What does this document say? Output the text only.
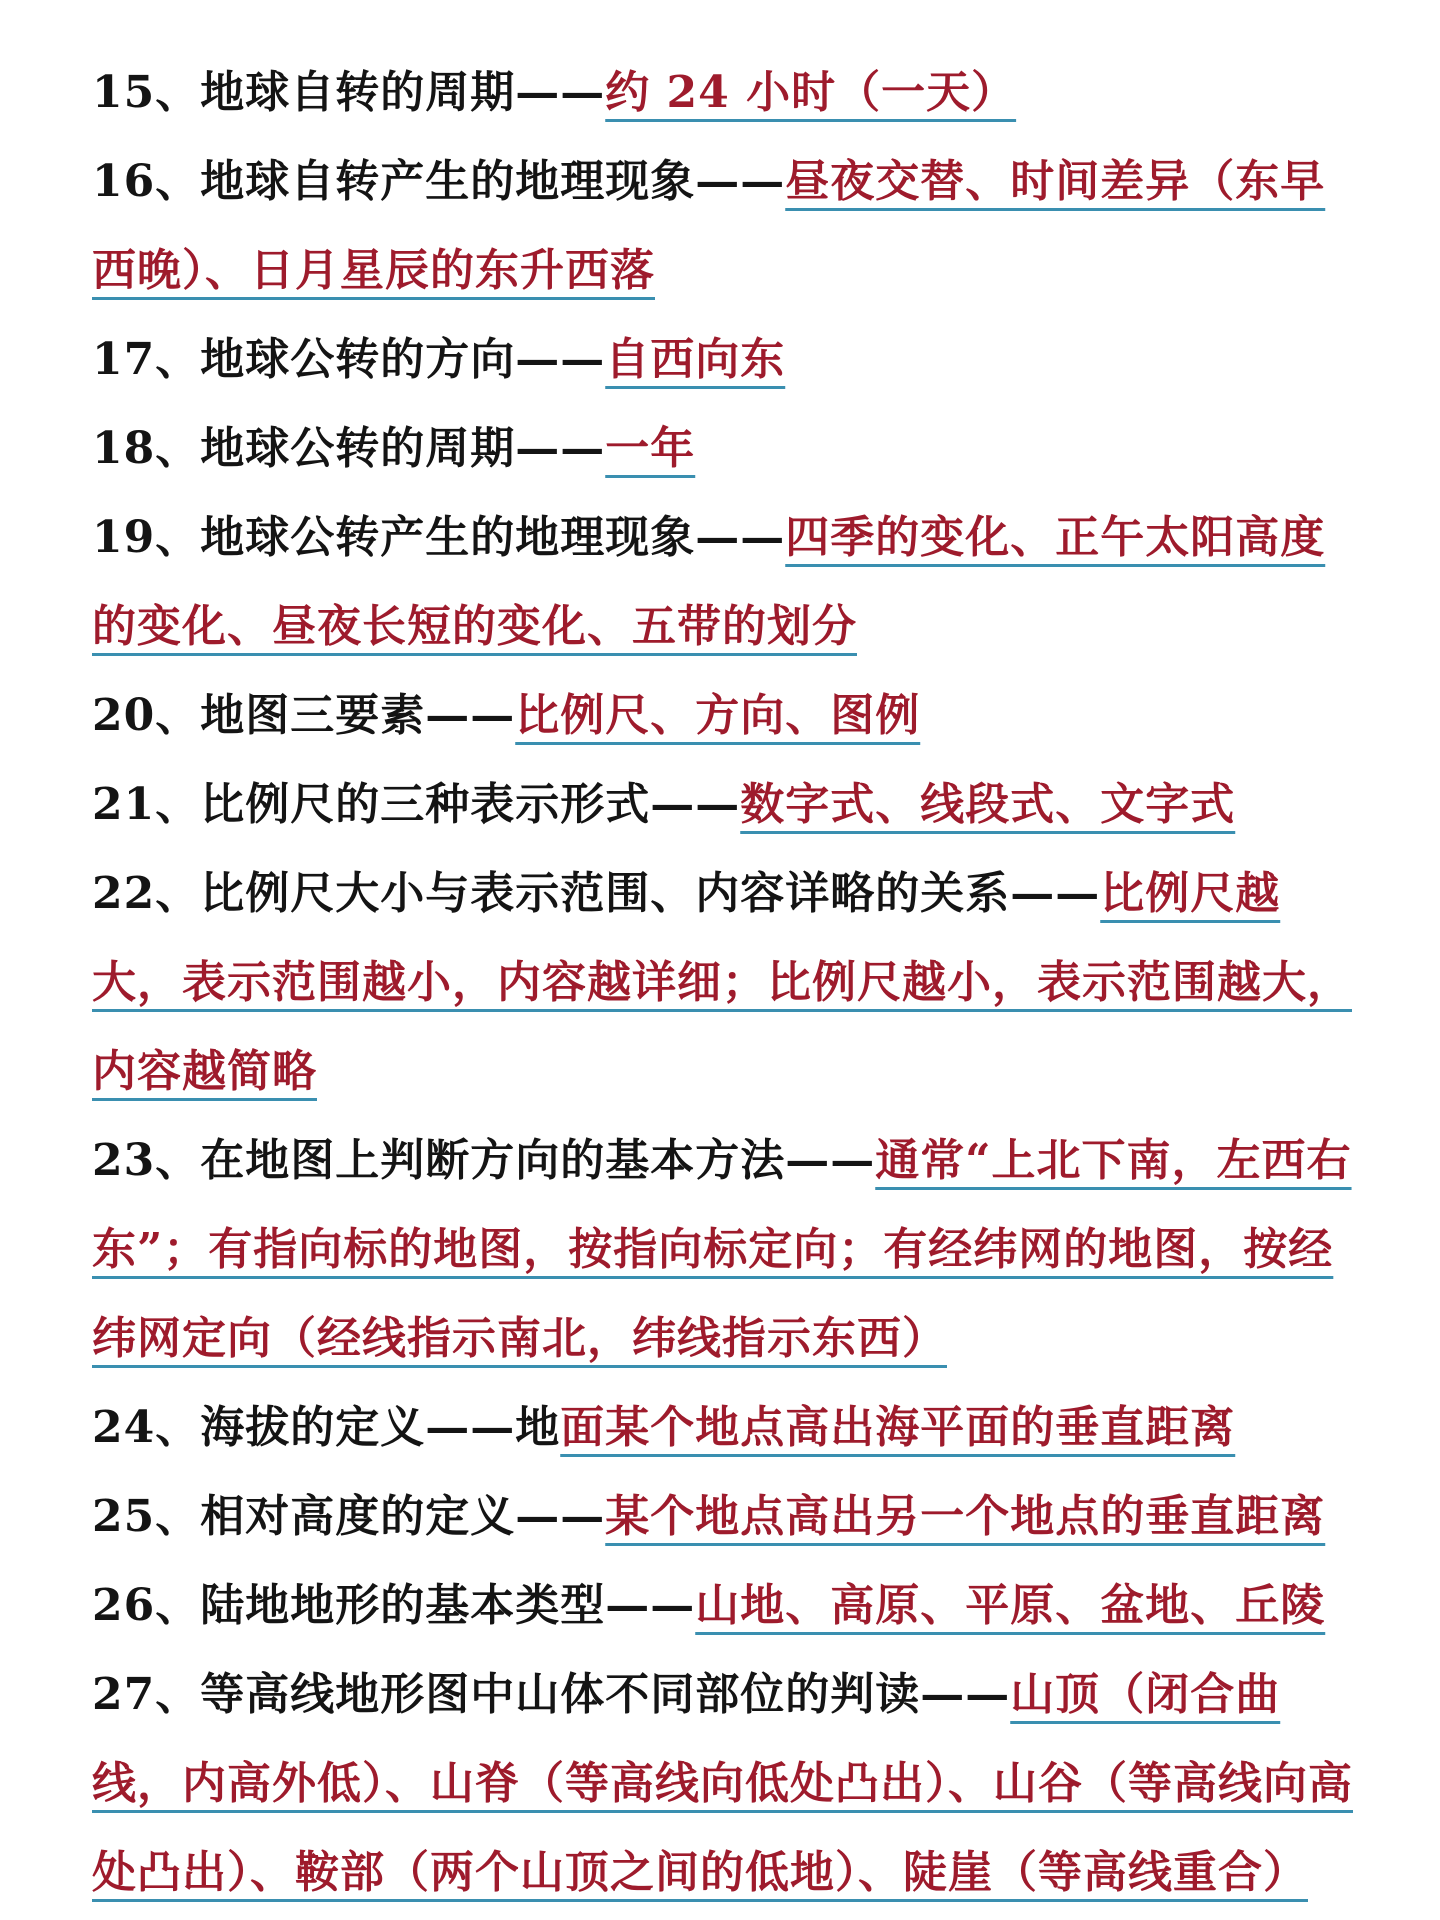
15、地球自转的周期——约 24 小时（一天）

16、地球自转产生的地理现象——昼夜交替、时间差异（东早西晚）、日月星辰的东升西落

17、地球公转的方向——自西向东

18、地球公转的周期——一年

19、地球公转产生的地理现象——四季的变化、正午太阳高度的变化、昼夜长短的变化、五带的划分

20、地图三要素——比例尺、方向、图例

21、比例尺的三种表示形式——数字式、线段式、文字式

22、比例尺大小与表示范围、内容详略的关系——比例尺越大，表示范围越小，内容越详细；比例尺越小，表示范围越大，内容越简略

23、在地图上判断方向的基本方法——通常“上北下南，左西右东”；有指向标的地图，按指向标定向；有经纬网的地图，按经纬网定向（经线指示南北，纬线指示东西）

24、海拔的定义——地面某个地点高出海平面的垂直距离

25、相对高度的定义——某个地点高出另一个地点的垂直距离

26、陆地地形的基本类型——山地、高原、平原、盆地、丘陵

27、等高线地形图中山体不同部位的判读——山顶（闭合曲线，内高外低）、山脊（等高线向低处凸出）、山谷（等高线向高处凸出）、鞍部（两个山顶之间的低地）、陡崖（等高线重合）
